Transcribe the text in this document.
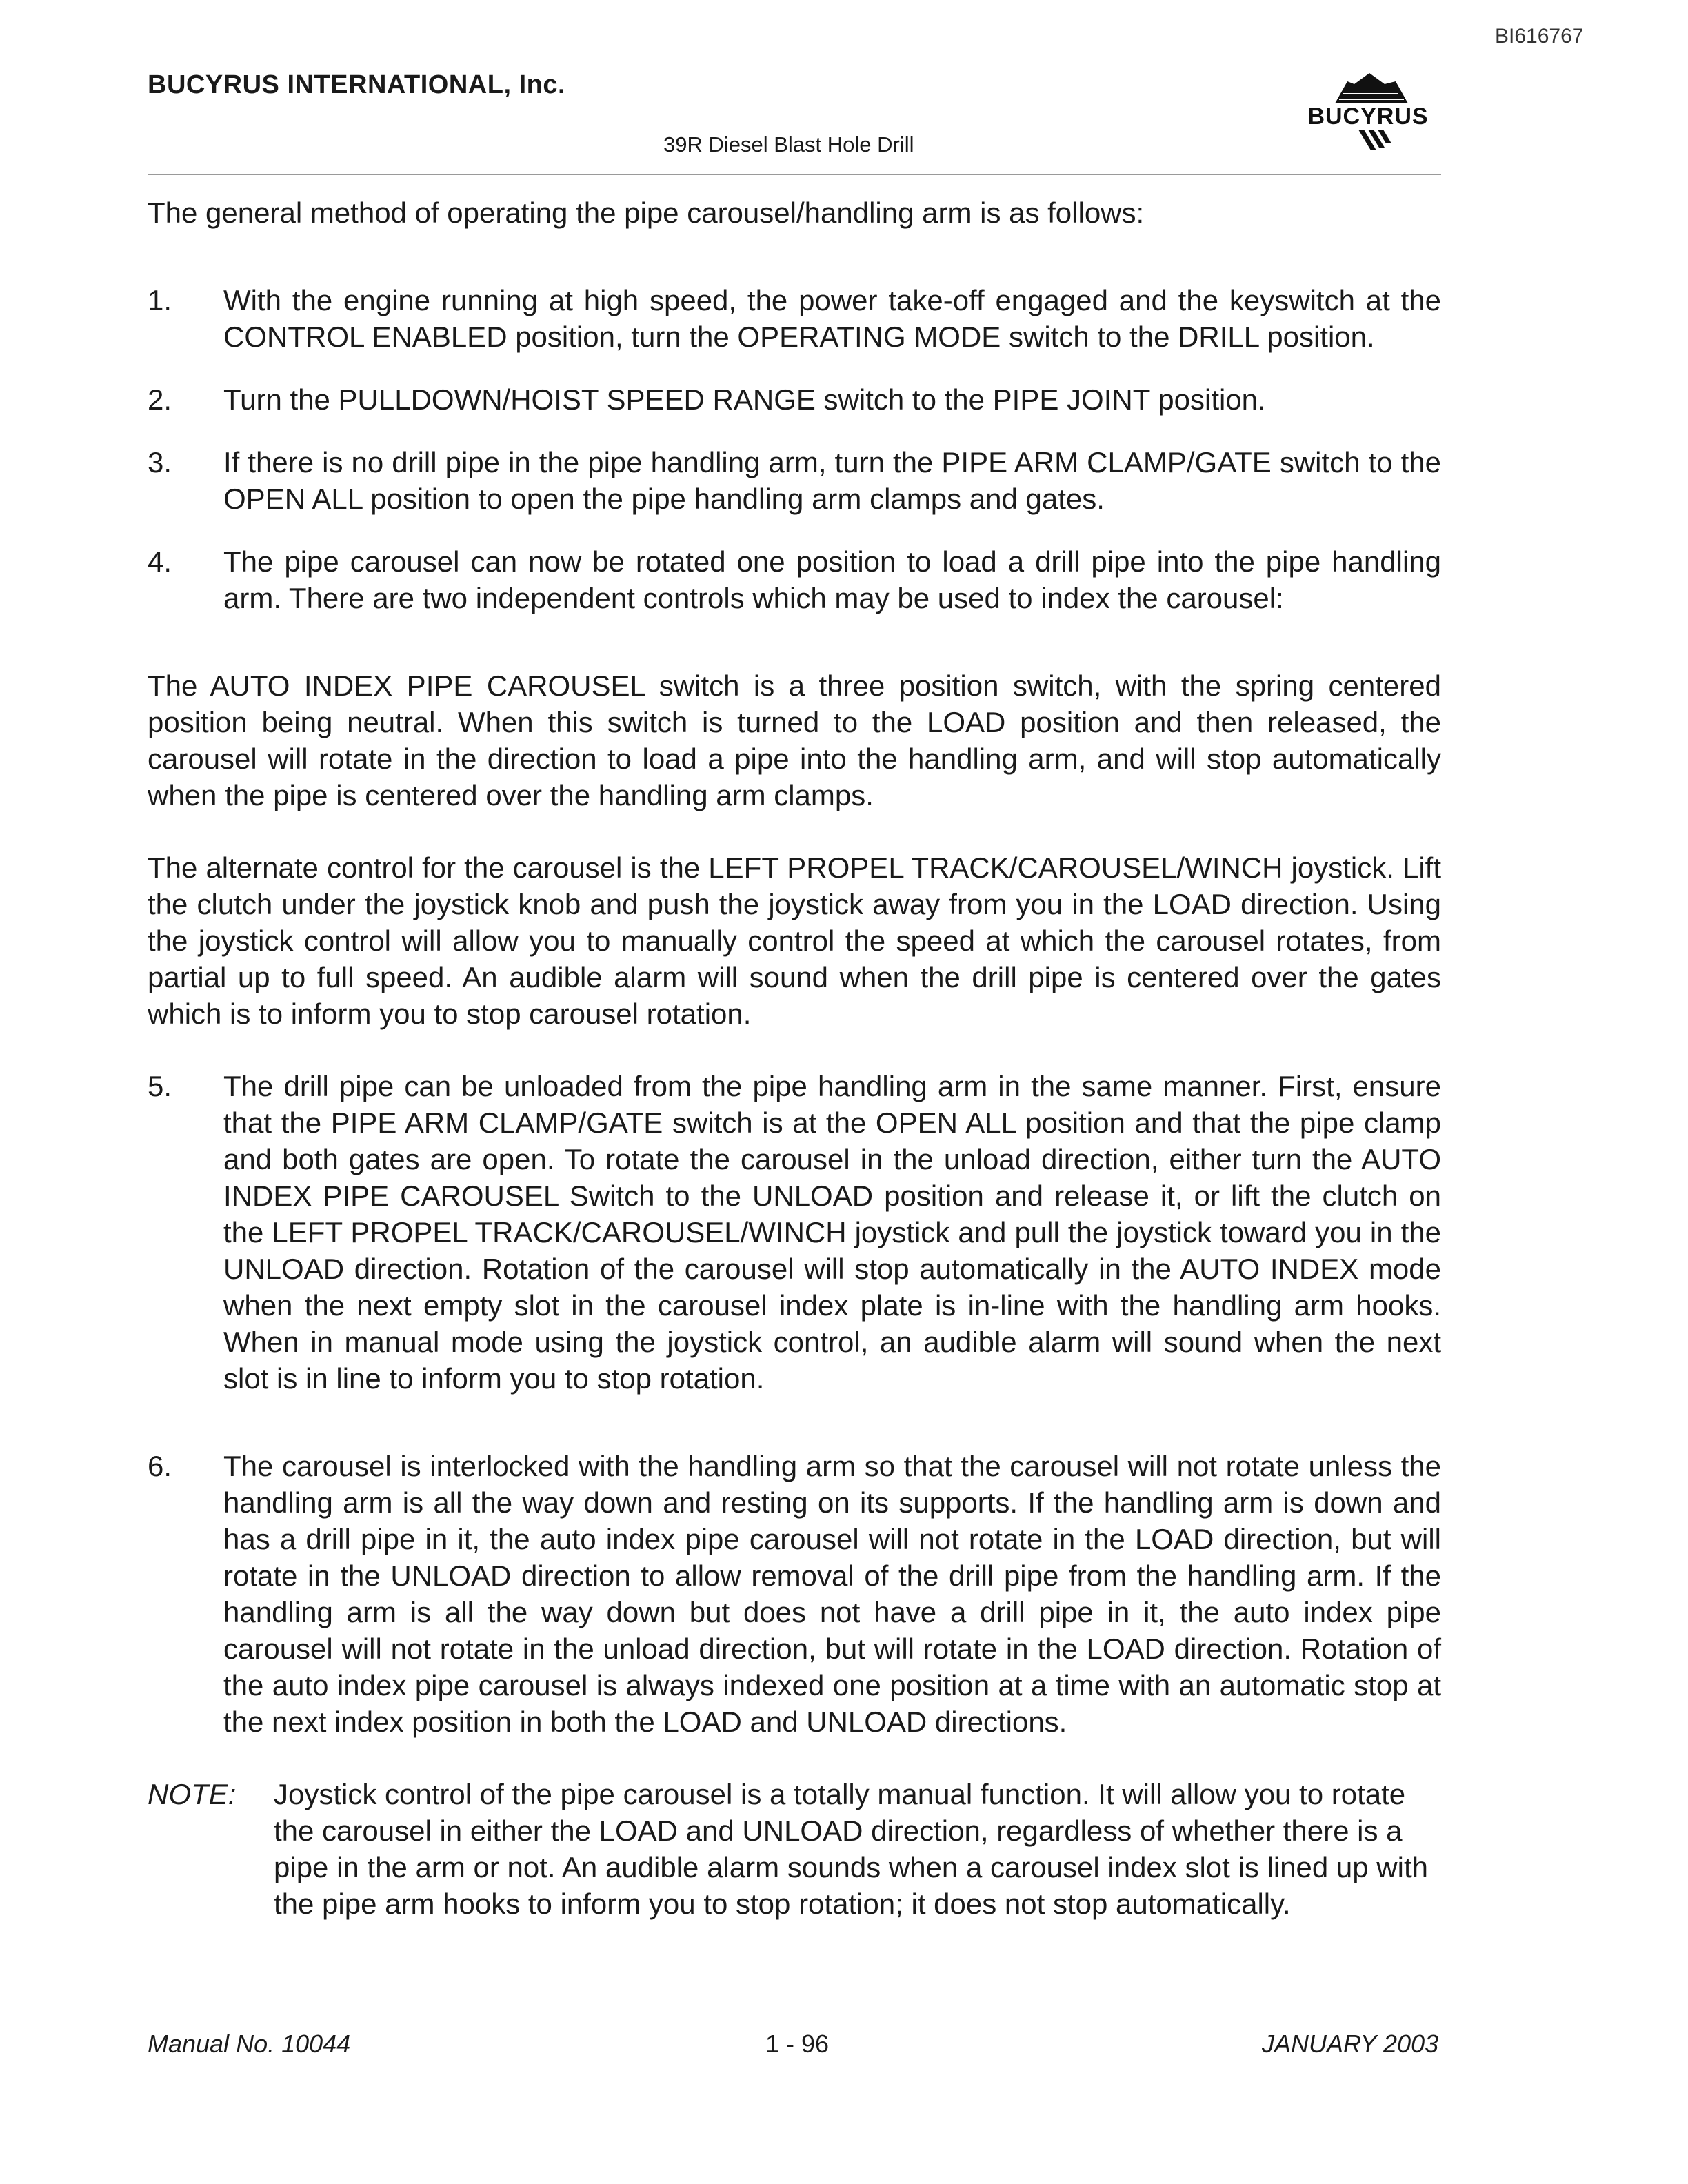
BI616767
BUCYRUS INTERNATIONAL, Inc.
39R Diesel Blast Hole Drill
BUCYRUS

The general method of operating the pipe carousel/handling arm is as follows:

1. With the engine running at high speed, the power take-off engaged and the keyswitch at the CONTROL ENABLED position, turn the OPERATING MODE switch to the DRILL position.
2. Turn the PULLDOWN/HOIST SPEED RANGE switch to the PIPE JOINT position.
3. If there is no drill pipe in the pipe handling arm, turn the PIPE ARM CLAMP/GATE switch to the OPEN ALL position to open the pipe handling arm clamps and gates.
4. The pipe carousel can now be rotated one position to load a drill pipe into the pipe handling arm. There are two independent controls which may be used to index the carousel:

The AUTO INDEX PIPE CAROUSEL switch is a three position switch, with the spring centered position being neutral. When this switch is turned to the LOAD position and then released, the carousel will rotate in the direction to load a pipe into the handling arm, and will stop automatically when the pipe is centered over the handling arm clamps.

The alternate control for the carousel is the LEFT PROPEL TRACK/CAROUSEL/WINCH joystick. Lift the clutch under the joystick knob and push the joystick away from you in the LOAD direction. Using the joystick control will allow you to manually control the speed at which the carousel rotates, from partial up to full speed. An audible alarm will sound when the drill pipe is centered over the gates which is to inform you to stop carousel rotation.

5. The drill pipe can be unloaded from the pipe handling arm in the same manner. First, ensure that the PIPE ARM CLAMP/GATE switch is at the OPEN ALL position and that the pipe clamp and both gates are open. To rotate the carousel in the unload direction, either turn the AUTO INDEX PIPE CAROUSEL Switch to the UNLOAD position and release it, or lift the clutch on the LEFT PROPEL TRACK/CAROUSEL/WINCH joystick and pull the joystick toward you in the UNLOAD direction. Rotation of the carousel will stop automatically in the AUTO INDEX mode when the next empty slot in the carousel index plate is in-line with the handling arm hooks. When in manual mode using the joystick control, an audible alarm will sound when the next slot is in line to inform you to stop rotation.
6. The carousel is interlocked with the handling arm so that the carousel will not rotate unless the handling arm is all the way down and resting on its supports. If the handling arm is down and has a drill pipe in it, the auto index pipe carousel will not rotate in the LOAD direction, but will rotate in the UNLOAD direction to allow removal of the drill pipe from the handling arm. If the handling arm is all the way down but does not have a drill pipe in it, the auto index pipe carousel will not rotate in the unload direction, but will rotate in the LOAD direction. Rotation of the auto index pipe carousel is always indexed one position at a time with an automatic stop at the next index position in both the LOAD and UNLOAD directions.
NOTE: Joystick control of the pipe carousel is a totally manual function. It will allow you to rotate the carousel in either the LOAD and UNLOAD direction, regardless of whether there is a pipe in the arm or not. An audible alarm sounds when a carousel index slot is lined up with the pipe arm hooks to inform you to stop rotation; it does not stop automatically.
Manual No. 10044	1 - 96	JANUARY 2003
